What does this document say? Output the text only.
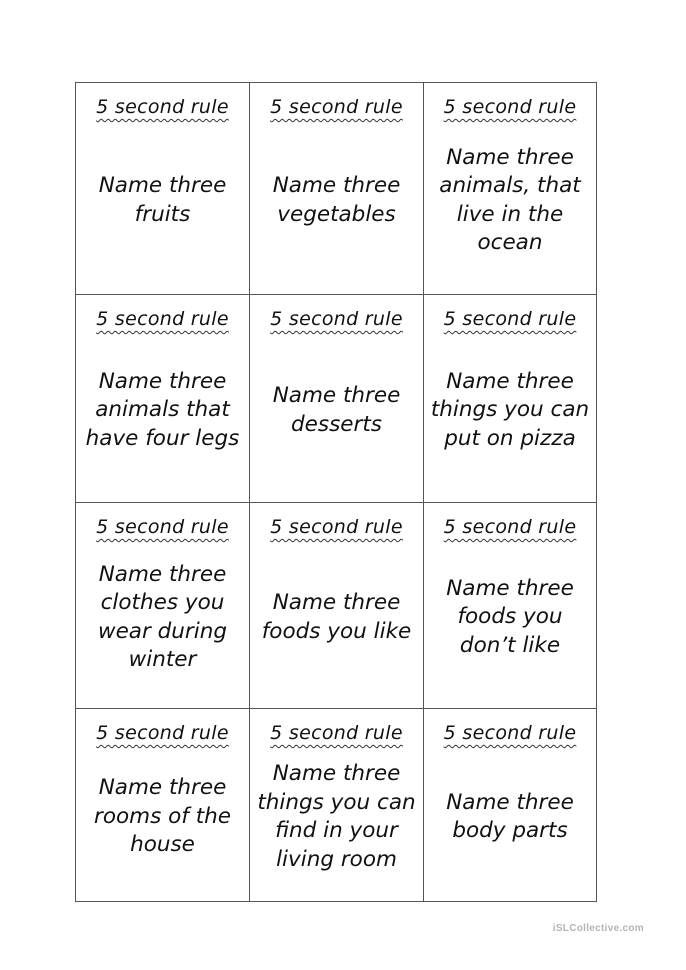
5 second rule
Name three fruits
5 second rule
Name three vegetables
5 second rule
Name three animals, that live in the ocean
5 second rule
Name three animals that have four legs
5 second rule
Name three desserts
5 second rule
Name three things you can put on pizza
5 second rule
Name three clothes you wear during winter
5 second rule
Name three foods you like
5 second rule
Name three foods you don’t like
5 second rule
Name three rooms of the house
5 second rule
Name three things you can find in your living room
5 second rule
Name three body parts
iSLCollective.com
